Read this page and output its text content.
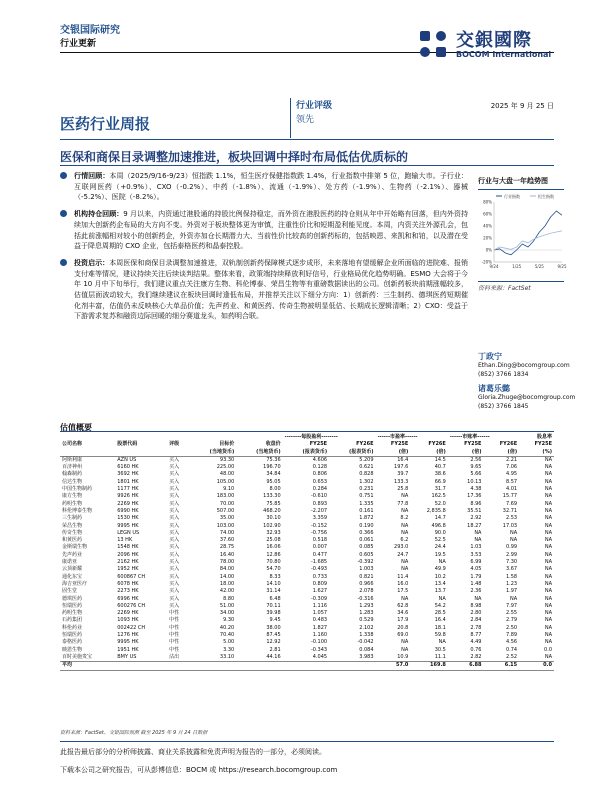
交银国际研究
行业更新	交銀國際
BOCOM International
医药行业周报
行业评级
领先
2025 年 9 月 25 日
医保和商保目录调整加速推进，板块回调中择时布局低估优质标的
行情回顾：本周（2025/9/16-9/23）恒指跌 1.1%，恒生医疗保健指数跌 1.4%，行业指数中排第 5 位，跑输大市。子行业：互联网医药（+0.9%）、CXO（-0.2%）、中药（-1.8%）、流通（-1.9%）、处方药（-1.9%）、生物药（-2.1%）、器械（-5.2%）、医院（-8.2%）。
机构持仓回顾：9 月以来，内资通过港股通的持股比例保持稳定，而外资在港股医药的持仓则从年中开始略有回落，但内外资持续加大创新药企布局的大方向不变。外资对于板块整体更为审慎，注重性价比和短期盈利能见度。本周，内资关注外源孔会，包括此前涨幅相对较小的创新药企，外资亦加仓长期潜力大、当前性价比较高的创新药标的，包括映恩、来凯和和铂，以及潜在受益于降息周期的 CXO 企业，包括泰格医药和晶泰控股。
投资启示：本周医保和商保目录调整加速推进，双轨制创新药保障模式逐步成形，未来落地有望缓解企业所面临的进院难、报销支付难等情况，建议持续关注后续谈判结果。整体来看，政策端持续释放利好信号，行业格局优化趋势明确。ESMO 大会将于今年 10 月中下旬举行，我们建议重点关注康方生物、科伦博泰、荣昌生物等有重磅数据读出的公司。创新药板块前期涨幅较多，估值层面波动较大，我们继续建议在板块回调时逢低布局，并推荐关注以下细分方向：1）创新药：三生制药、德琪医药短期催化剂丰富，估值仍未反映核心大单品价值；先声药业、和黄医药、传奇生物被明显低估、长期成长逻辑清晰；2）CXO：受益于下游需求复苏和融资边际回暖的细分赛道龙头，如药明合联。
行业与大盘一年趋势图
行业指数	恒生指数
80%
60%
40%
20%
0%
-20%
9/24	1/25	5/25	9/25
资料来源：FactSet
丁政宁
Ethan.Ding@bocomgroup.com
(852) 3766 1834
诸葛乐懿
Gloria.Zhuge@bocomgroup.com
(852) 3766 1845
估值概要
					--------每股盈利--------		------市盈率------		------市账率------		股息率
公司名称	股票代码	评级	目标价	收盘价	FY25E	FY26E	FY25E	FY26E	FY25E	FY26E	FY25E
			(当地货币)	(当地货币)	(报表货币)	(报表货币)	(倍)	(倍)	(倍)	(倍)	(%)
阿斯利康	AZN US	买入	93.30	75.36	4.606	5.209	16.4	14.5	2.56	2.21	NA
百济神州	6160 HK	买入	225.00	196.70	0.128	0.621	197.6	40.7	9.65	7.06	NA
翰森制药	3692 HK	买入	48.00	34.84	0.806	0.828	39.7	38.6	5.66	4.95	NA
信达生物	1801 HK	买入	105.00	95.05	0.653	1.302	133.3	66.9	10.13	8.57	NA
中国生物制药	1177 HK	买入	9.10	8.00	0.284	0.231	25.8	31.7	4.38	4.01	NA
康方生物	9926 HK	买入	183.00	133.30	-0.610	0.751	NA	162.5	17.36	15.77	NA
药明生物	2269 HK	买入	70.00	75.85	0.893	1.335	77.8	52.0	8.96	7.69	NA
科伦博泰生物	6990 HK	买入	507.00	468.20	-2.207	0.161	NA	2,835.8	35.51	32.71	NA
三生制药	1530 HK	买入	35.00	30.10	3.359	1.872	8.2	14.7	2.92	2.53	NA
荣昌生物	9995 HK	买入	103.00	102.90	-0.152	0.190	NA	496.8	18.27	17.03	NA
传奇生物	LEGN US	买入	74.00	32.93	-0.756	0.366	NA	90.0	NA	NA	NA
和黄医药	13 HK	买入	37.60	25.08	0.518	0.061	6.2	52.5	NA	NA	NA
金斯瑞生物	1548 HK	买入	28.75	16.06	0.007	0.085	293.0	24.4	1.03	0.99	NA
先声药业	2096 HK	买入	16.40	12.86	0.477	0.605	24.7	19.5	3.53	2.99	NA
康诺亚	2162 HK	买入	78.00	70.80	-1.685	-0.392	NA	NA	6.99	7.30	NA
云顶新耀	1952 HK	买入	84.00	54.70	-0.493	1.003	NA	49.9	4.05	3.67	NA
通化东宝	600867 CH	买入	14.00	8.33	0.733	0.821	11.4	10.2	1.79	1.58	NA
海吉亚医疗	6078 HK	买入	18.00	14.10	0.809	0.966	16.0	13.4	1.48	1.23	NA
固生堂	2273 HK	买入	42.00	31.14	1.627	2.078	17.5	13.7	2.36	1.97	NA
德琪医药	6996 HK	买入	8.80	6.48	-0.309	-0.316	NA	NA	NA	NA	NA
恒瑞医药	600276 CH	买入	51.00	70.11	1.116	1.293	62.8	54.2	8.98	7.97	NA
药明生物	2269 HK	中性	34.00	39.98	1.057	1.283	34.6	28.5	2.80	2.55	NA
石药集团	1093 HK	中性	9.30	9.45	0.483	0.529	17.9	16.4	2.84	2.79	NA
科伦药业	002422 CH	中性	40.20	38.00	1.827	2.102	20.8	18.1	2.78	2.50	NA
恒瑞医药	1276 HK	中性	70.40	87.45	1.160	1.338	69.0	59.8	8.77	7.89	NA
泰格医药	9995 HK	中性	5.00	12.92	-0.100	-0.042	NA	NA	4.49	4.56	NA
映恩生物	1951 HK	中性	3.30	2.81	-0.343	0.084	NA	30.5	0.76	0.74	0.0
百时美施贵宝	BMY US	沽出	33.10	44.16	4.045	3.983	10.9	11.1	2.82	2.52	NA
平均							57.0	169.8	6.88	6.15	0.0
资料来源：FactSet、交银国际预测 截至 2025 年 9 月 24 日数据
此报告最后部分的分析师披露、商业关系披露和免责声明为报告的一部分，必须阅读。
下载本公司之研究报告，可从彭博信息：BOCM 或 https://research.bocomgroup.com
